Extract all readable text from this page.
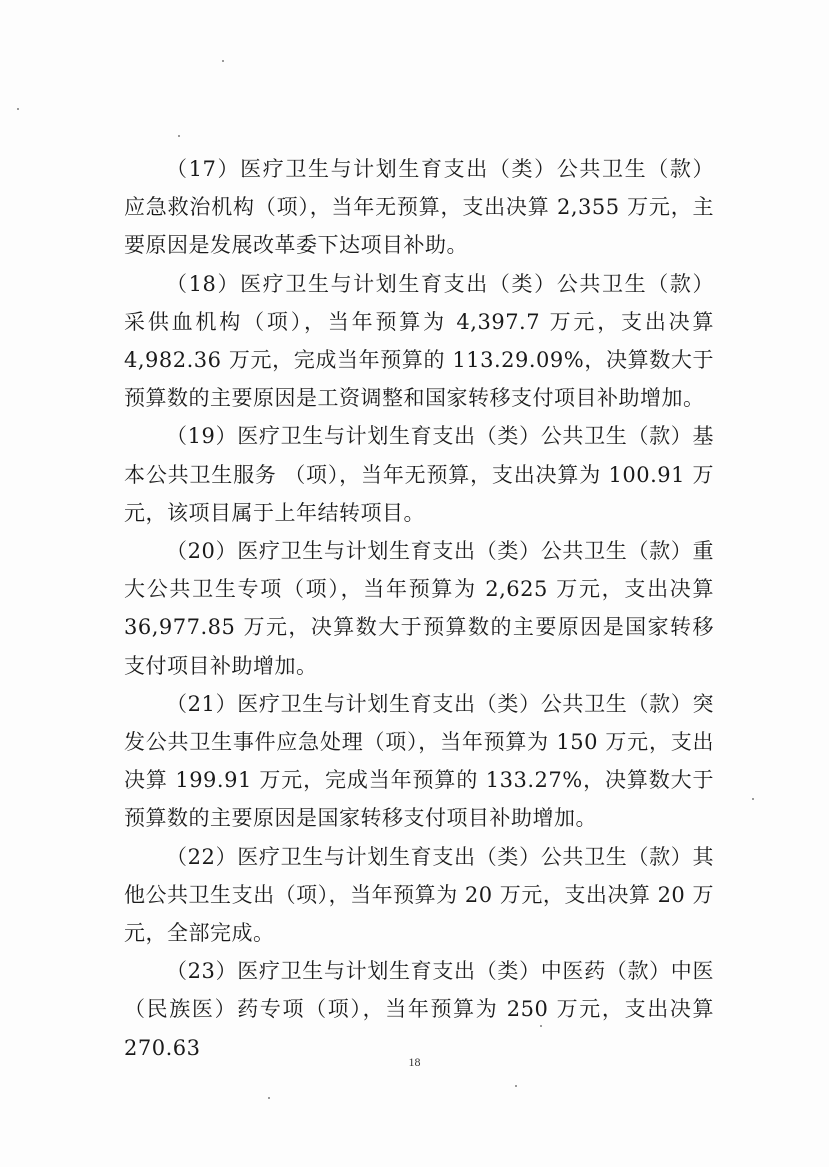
（17）医疗卫生与计划生育支出（类）公共卫生（款） 应急救治机构（项），当年无预算，支出决算 2,355 万元，主要原因是发展改革委下达项目补助。

（18）医疗卫生与计划生育支出（类）公共卫生（款） 采供血机构（项），当年预算为 4,397.7 万元，支出决算 4,982.36 万元，完成当年预算的 113.29.09%，决算数大于预算数的主要原因是工资调整和国家转移支付项目补助增加。

（19）医疗卫生与计划生育支出（类）公共卫生（款）基本公共卫生服务 （项），当年无预算，支出决算为 100.91 万元，该项目属于上年结转项目。

（20）医疗卫生与计划生育支出（类）公共卫生（款）重大公共卫生专项（项），当年预算为 2,625 万元，支出决算 36,977.85 万元，决算数大于预算数的主要原因是国家转移支付项目补助增加。

（21）医疗卫生与计划生育支出（类）公共卫生（款）突发公共卫生事件应急处理（项），当年预算为 150 万元，支出决算 199.91 万元，完成当年预算的 133.27%，决算数大于预算数的主要原因是国家转移支付项目补助增加。

（22）医疗卫生与计划生育支出（类）公共卫生（款）其他公共卫生支出（项），当年预算为 20 万元，支出决算 20 万元，全部完成。

（23）医疗卫生与计划生育支出（类）中医药（款）中医（民族医）药专项（项），当年预算为 250 万元，支出决算 270.63

18
